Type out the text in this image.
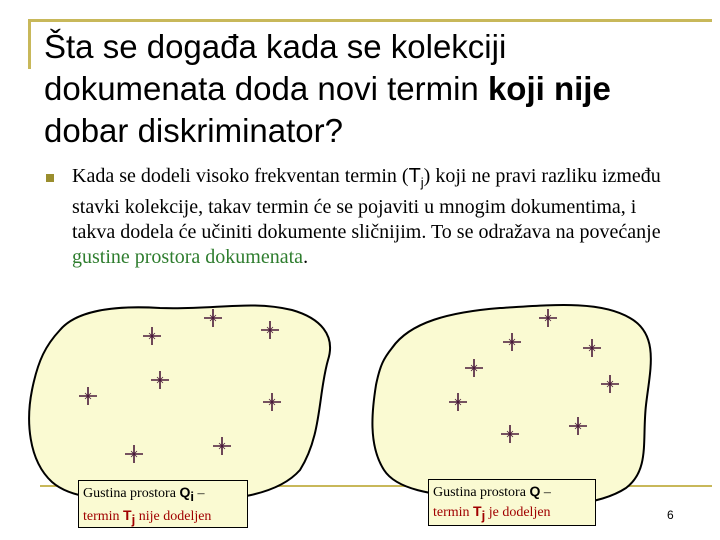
Šta se događa kada se kolekciji dokumenata doda novi termin koji nije dobar diskriminator?
Kada se dodeli visoko frekventan termin $(T_j)$ koji ne pravi razliku između stavki kolekcije, takav termin će se pojaviti u mnogim dokumentima, i takva dodela će učiniti dokumente sličnijim. To se odražava na povećanje gustine prostora dokumenata.
Gustina prostora $Q_i$ –
termin $T_j$ nije dodeljen
Gustina prostora Q –
termin $T_j$ je dodeljen	6
